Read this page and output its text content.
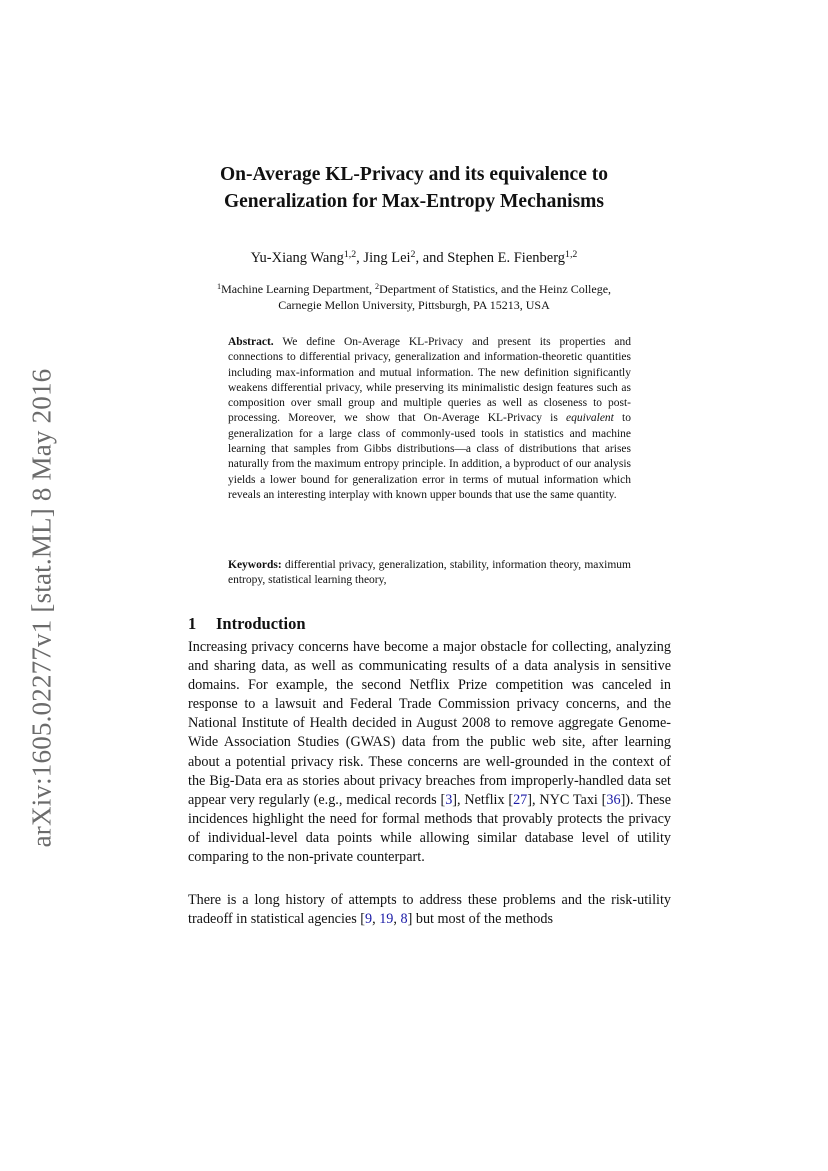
arXiv:1605.02277v1 [stat.ML] 8 May 2016
On-Average KL-Privacy and its equivalence to
Generalization for Max-Entropy Mechanisms
Yu-Xiang Wang$^{1,2}$, Jing Lei$^2$, and Stephen E. Fienberg$^{1,2}$
$^1$Machine Learning Department, $^2$Department of Statistics, and the Heinz College,
Carnegie Mellon University, Pittsburgh, PA 15213, USA
Abstract. We define On-Average KL-Privacy and present its properties and connections to differential privacy, generalization and information-theoretic quantities including max-information and mutual information. The new definition significantly weakens differential privacy, while preserving its minimalistic design features such as composition over small group and multiple queries as well as closeness to post-processing. Moreover, we show that On-Average KL-Privacy is equivalent to generalization for a large class of commonly-used tools in statistics and machine learning that samples from Gibbs distributions—a class of distributions that arises naturally from the maximum entropy principle. In addition, a byproduct of our analysis yields a lower bound for generalization error in terms of mutual information which reveals an interesting interplay with known upper bounds that use the same quantity.
Keywords: differential privacy, generalization, stability, information theory, maximum entropy, statistical learning theory,
1 Introduction
Increasing privacy concerns have become a major obstacle for collecting, analyzing and sharing data, as well as communicating results of a data analysis in sensitive domains. For example, the second Netflix Prize competition was canceled in response to a lawsuit and Federal Trade Commission privacy concerns, and the National Institute of Health decided in August 2008 to remove aggregate Genome-Wide Association Studies (GWAS) data from the public web site, after learning about a potential privacy risk. These concerns are well-grounded in the context of the Big-Data era as stories about privacy breaches from improperly-handled data set appear very regularly (e.g., medical records [3], Netflix [27], NYC Taxi [36]). These incidences highlight the need for formal methods that provably protects the privacy of individual-level data points while allowing similar database level of utility comparing to the non-private counterpart.
There is a long history of attempts to address these problems and the risk-utility tradeoff in statistical agencies [9, 19, 8] but most of the methods
